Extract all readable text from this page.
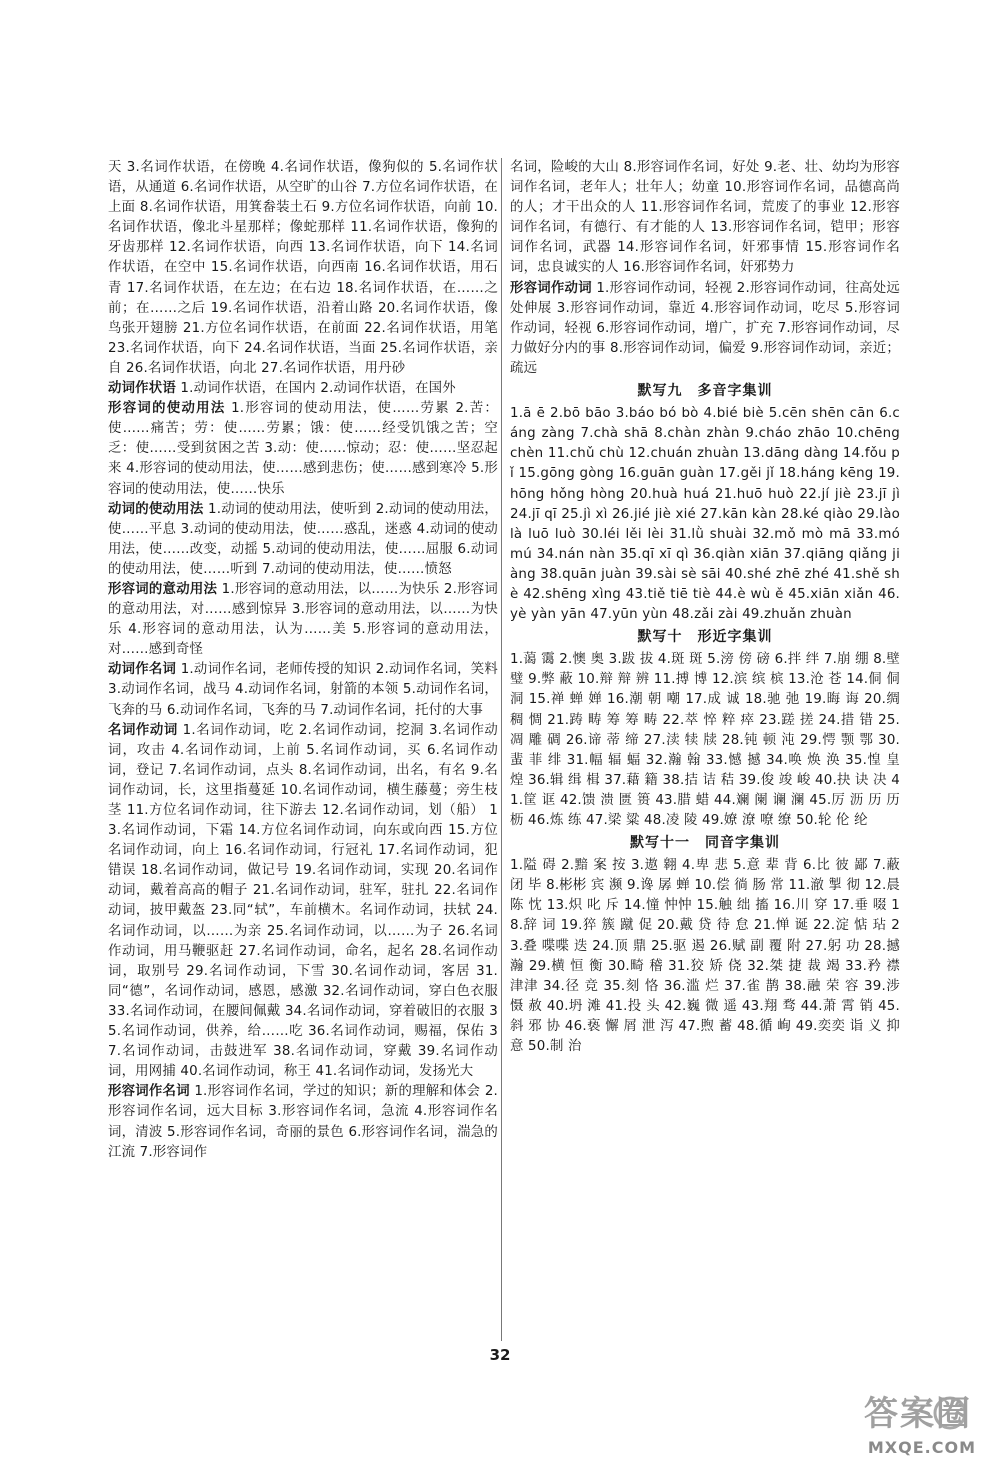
天 3.名词作状语，在傍晚 4.名词作状语，像狗似的 5.名词作状语，从通道 6.名词作状语，从空旷的山谷 7.方位名词作状语，在上面 8.名词作状语，用箕畚装土石 9.方位名词作状语，向前 10.名词作状语，像北斗星那样；像蛇那样 11.名词作状语，像狗的牙齿那样 12.名词作状语，向西 13.名词作状语，向下 14.名词作状语，在空中 15.名词作状语，向西南 16.名词作状语，用石青 17.名词作状语，在左边；在右边 18.名词作状语，在……之前；在……之后 19.名词作状语，沿着山路 20.名词作状语，像鸟张开翅膀 21.方位名词作状语，在前面 22.名词作状语，用笔 23.名词作状语，向下 24.名词作状语，当面 25.名词作状语，亲自 26.名词作状语，向北 27.名词作状语，用丹砂

动词作状语 1.动词作状语，在国内 2.动词作状语，在国外

形容词的使动用法 1.形容词的使动用法，使……劳累 2.苦：使……痛苦；劳：使……劳累；饿：使……经受饥饿之苦；空乏：使……受到贫困之苦 3.动：使……惊动；忍：使……坚忍起来 4.形容词的使动用法，使……感到悲伤；使……感到寒冷 5.形容词的使动用法，使……快乐

动词的使动用法 1.动词的使动用法，使听到 2.动词的使动用法，使……平息 3.动词的使动用法，使……惑乱，迷惑 4.动词的使动用法，使……改变，动摇 5.动词的使动用法，使……屈服 6.动词的使动用法，使……听到 7.动词的使动用法，使……愤怒

形容词的意动用法 1.形容词的意动用法，以……为快乐 2.形容词的意动用法，对……感到惊异 3.形容词的意动用法，以……为快乐 4.形容词的意动用法，认为……美 5.形容词的意动用法，对……感到奇怪

动词作名词 1.动词作名词，老师传授的知识 2.动词作名词，笑料 3.动词作名词，战马 4.动词作名词，射箭的本领 5.动词作名词，飞奔的马 6.动词作名词，飞奔的马 7.动词作名词，托付的大事

名词作动词 1.名词作动词，吃 2.名词作动词，挖洞 3.名词作动词，攻击 4.名词作动词，上前 5.名词作动词，买 6.名词作动词，登记 7.名词作动词，点头 8.名词作动词，出名，有名 9.名词作动词，长，这里指蔓延 10.名词作动词，横生藤蔓；旁生枝茎 11.方位名词作动词，往下游去 12.名词作动词，划（船） 13.名词作动词，下霜 14.方位名词作动词，向东或向西 15.方位名词作动词，向上 16.名词作动词，行冠礼 17.名词作动词，犯错误 18.名词作动词，做记号 19.名词作动词，实现 20.名词作动词，戴着高高的帽子 21.名词作动词，驻军，驻扎 22.名词作动词，披甲戴盔 23.同“轼”，车前横木。名词作动词，扶轼 24.名词作动词，以……为亲 25.名词作动词，以……为子 26.名词作动词，用马鞭驱赶 27.名词作动词，命名，起名 28.名词作动词，取别号 29.名词作动词，下雪 30.名词作动词，客居 31.同“德”，名词作动词，感恩，感激 32.名词作动词，穿白色衣服 33.名词作动词，在腰间佩戴 34.名词作动词，穿着破旧的衣服 35.名词作动词，供养，给……吃 36.名词作动词，赐福，保佑 37.名词作动词，击鼓进军 38.名词作动词，穿戴 39.名词作动词，用网捕 40.名词作动词，称王 41.名词作动词，发扬光大

形容词作名词 1.形容词作名词，学过的知识；新的理解和体会 2.形容词作名词，远大目标 3.形容词作名词，急流 4.形容词作名词，清波 5.形容词作名词，奇丽的景色 6.形容词作名词，湍急的江流 7.形容词作

名词，险峻的大山 8.形容词作名词，好处 9.老、壮、幼均为形容词作名词，老年人；壮年人；幼童 10.形容词作名词，品德高尚的人；才干出众的人 11.形容词作名词，荒废了的事业 12.形容词作名词，有德行、有才能的人 13.形容词作名词，铠甲；形容词作名词，武器 14.形容词作名词，奸邪事情 15.形容词作名词，忠良诚实的人 16.形容词作名词，奸邪势力

形容词作动词 1.形容词作动词，轻视 2.形容词作动词，往高处远处伸展 3.形容词作动词，靠近 4.形容词作动词，吃尽 5.形容词作动词，轻视 6.形容词作动词，增广，扩充 7.形容词作动词，尽力做好分内的事 8.形容词作动词，偏爱 9.形容词作动词，亲近；疏远

默写九　多音字集训

1.ā ē 2.bō bāo 3.báo bó bò 4.bié biè 5.cēn shēn cān 6.cáng zàng 7.chà shā 8.chàn zhàn 9.cháo zhāo 10.chēng chèn 11.chǔ chù 12.chuán zhuàn 13.dāng dàng 14.fǒu pǐ 15.gōng gòng 16.guān guàn 17.gěi jǐ 18.háng kēng 19.hōng hǒng hòng 20.huà huá 21.huō huò 22.jí jiè 23.jī jì 24.jī qī 25.jì xì 26.jié jiè xié 27.kān kàn 28.ké qiào 29.lào là luō luò 30.léi lěi lèi 31.lǜ shuài 32.mǒ mò mā 33.mó mú 34.nán nàn 35.qī xī qì 36.qiàn xiān 37.qiāng qiǎng jiàng 38.quān juàn 39.sài sè sāi 40.shé zhē zhé 41.shě shè 42.shēng xìng 43.tiě tiē tiè 44.è wù ě 45.xiān xiǎn 46.yè yàn yān 47.yūn yùn 48.zǎi zài 49.zhuǎn zhuàn

默写十　形近字集训

1.蔼 霭 2.懊 奥 3.跋 拔 4.斑 斑 5.滂 傍 磅 6.拌 绊 7.崩 绷 8.壁 璧 9.弊 蔽 10.辩 辩 辨 11.搏 博 12.滨 缤 槟 13.沧 苍 14.侗 侗 洞 15.禅 蝉 婵 16.潮 朝 嘲 17.成 诚 18.驰 弛 19.晦 诲 20.绸 稠 惆 21.踌 畴 筹 筹 畴 22.萃 悴 粹 瘁 23.蹉 搓 24.措 错 25.凋 雕 碉 26.谛 蒂 缔 27.渎 犊 牍 28.钝 顿 沌 29.愕 颚 鄂 30.蜚 菲 绯 31.幅 辐 蝠 32.瀚 翰 33.憾 撼 34.唤 焕 涣 35.惶 皇 煌 36.辑 缉 楫 37.藉 籍 38.拮 诘 秸 39.俊 竣 峻 40.抉 诀 决 41.筐 诓 42.馈 溃 匮 篑 43.腊 蜡 44.斓 阑 谰 澜 45.厉 沥 历 历 枥 46.炼 练 47.梁 粱 48.凌 陵 49.嫽 潦 嘹 缭 50.轮 伦 纶

默写十一　同音字集训

1.隘 碍 2.黯 案 按 3.遨 翱 4.卑 悲 5.意 辈 背 6.比 彼 鄙 7.蔽 闭 毕 8.彬彬 宾 濒 9.谗 孱 蝉 10.偿 徜 肠 常 11.澈 掣 彻 12.晨 陈 忱 13.炽 叱 斥 14.憧 忡忡 15.触 绌 搐 16.川 穿 17.垂 啜 18.辞 词 19.猝 簇 蹴 促 20.戴 贷 待 怠 21.惮 诞 22.淀 惦 玷 23.叠 喋喋 迭 24.顶 鼎 25.驱 遏 26.赋 副 覆 附 27.躬 功 28.撼 瀚 29.横 恒 衡 30.畸 稽 31.狡 矫 侥 32.桀 捷 裁 竭 33.矜 襟 津津 34.径 竞 35.刻 恪 36.滥 烂 37.雀 鹊 38.融 荣 容 39.涉 慑 赦 40.坍 滩 41.投 头 42.巍 微 遥 43.翔 骛 44.萧 霄 销 45.斜 邪 协 46.亵 懈 屑 泄 泻 47.煦 蓄 48.循 峋 49.奕奕 诣 义 抑 意 50.制 治

32
答案圈
MXQE.COM
